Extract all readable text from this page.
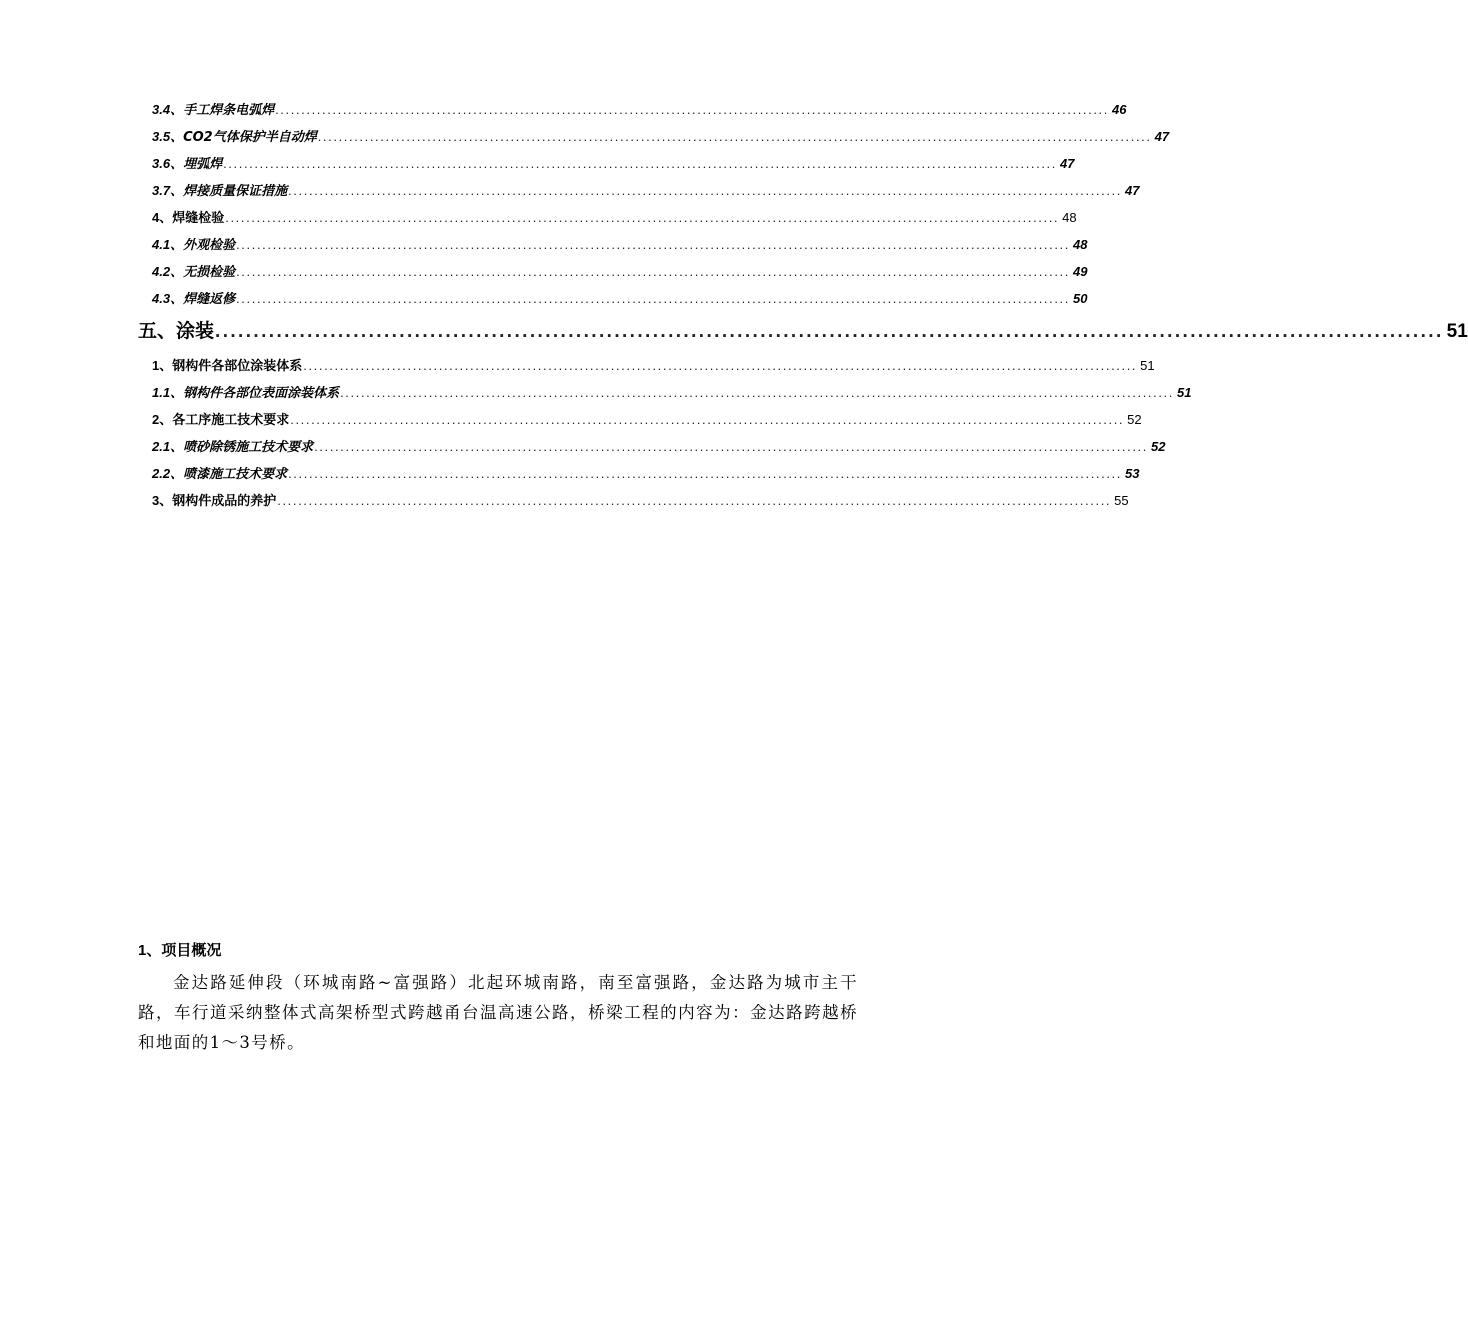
3.4、 手工焊条电弧焊 ................................................................................................................................................................ 46
3.5、 CO2气体保护半自动焊 ................................................................................................................................................................ 47
3.6、 埋弧焊 ................................................................................................................................................................ 47
3.7、 焊接质量保证措施 ................................................................................................................................................................ 47
4、 焊缝检验 ................................................................................................................................................................ 48
4.1、 外观检验 ................................................................................................................................................................ 48
4.2、 无损检验 ................................................................................................................................................................ 49
4.3、 焊缝返修 ................................................................................................................................................................ 50
五、涂装 ................................................................................................................................................................ 51
1、 钢构件各部位涂装体系 ................................................................................................................................................................ 51
1.1、 钢构件各部位表面涂装体系 ................................................................................................................................................................ 51
2、 各工序施工技术要求 ................................................................................................................................................................ 52
2.1、 喷砂除锈施工技术要求 ................................................................................................................................................................ 52
2.2、 喷漆施工技术要求 ................................................................................................................................................................ 53
3、 钢构件成品的养护 ................................................................................................................................................................ 55
1、项目概况
金达路延伸段（环城南路~富强路）北起环城南路，南至富强路，金达路为城市主干路，车行道采纳整体式高架桥型式跨越甬台温高速公路，桥梁工程的内容为：金达路跨越桥和地面的1～3号桥。
